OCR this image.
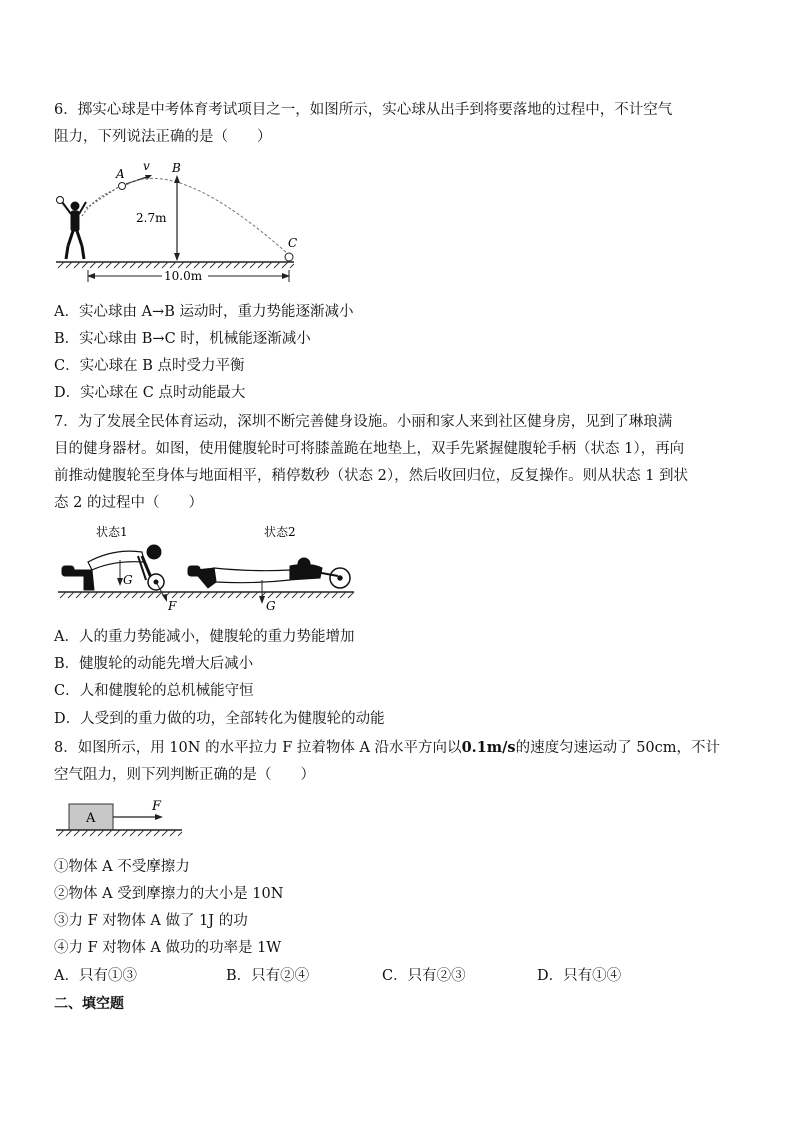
6．掷实心球是中考体育考试项目之一，如图所示，实心球从出手到将要落地的过程中，不计空气
阻力，下列说法正确的是（　　）
A
v B
2.7m
C
10.0m
A．实心球由 A→B 运动时，重力势能逐渐减小
B．实心球由 B→C 时，机械能逐渐减小
C．实心球在 B 点时受力平衡
D．实心球在 C 点时动能最大
7．为了发展全民体育运动，深圳不断完善健身设施。小丽和家人来到社区健身房，见到了琳琅满
目的健身器材。如图，使用健腹轮时可将膝盖跪在地垫上，双手先紧握健腹轮手柄（状态 1），再向
前推动健腹轮至身体与地面相平，稍停数秒（状态 2），然后收回归位，反复操作。则从状态 1 到状
态 2 的过程中（　　）
状态1	状态2
G
F	G
A．人的重力势能减小，健腹轮的重力势能增加
B．健腹轮的动能先增大后减小
C．人和健腹轮的总机械能守恒
D．人受到的重力做的功，全部转化为健腹轮的动能
8．如图所示，用 10N 的水平拉力 F 拉着物体 A 沿水平方向以0.1m/s的速度匀速运动了 50cm，不计
空气阻力，则下列判断正确的是（　　）
A
F
①物体 A 不受摩擦力
②物体 A 受到摩擦力的大小是 10N
③力 F 对物体 A 做了 1J 的功
④力 F 对物体 A 做功的功率是 1W
A．只有①③	B．只有②④	C．只有②③	D．只有①④
二、填空题
